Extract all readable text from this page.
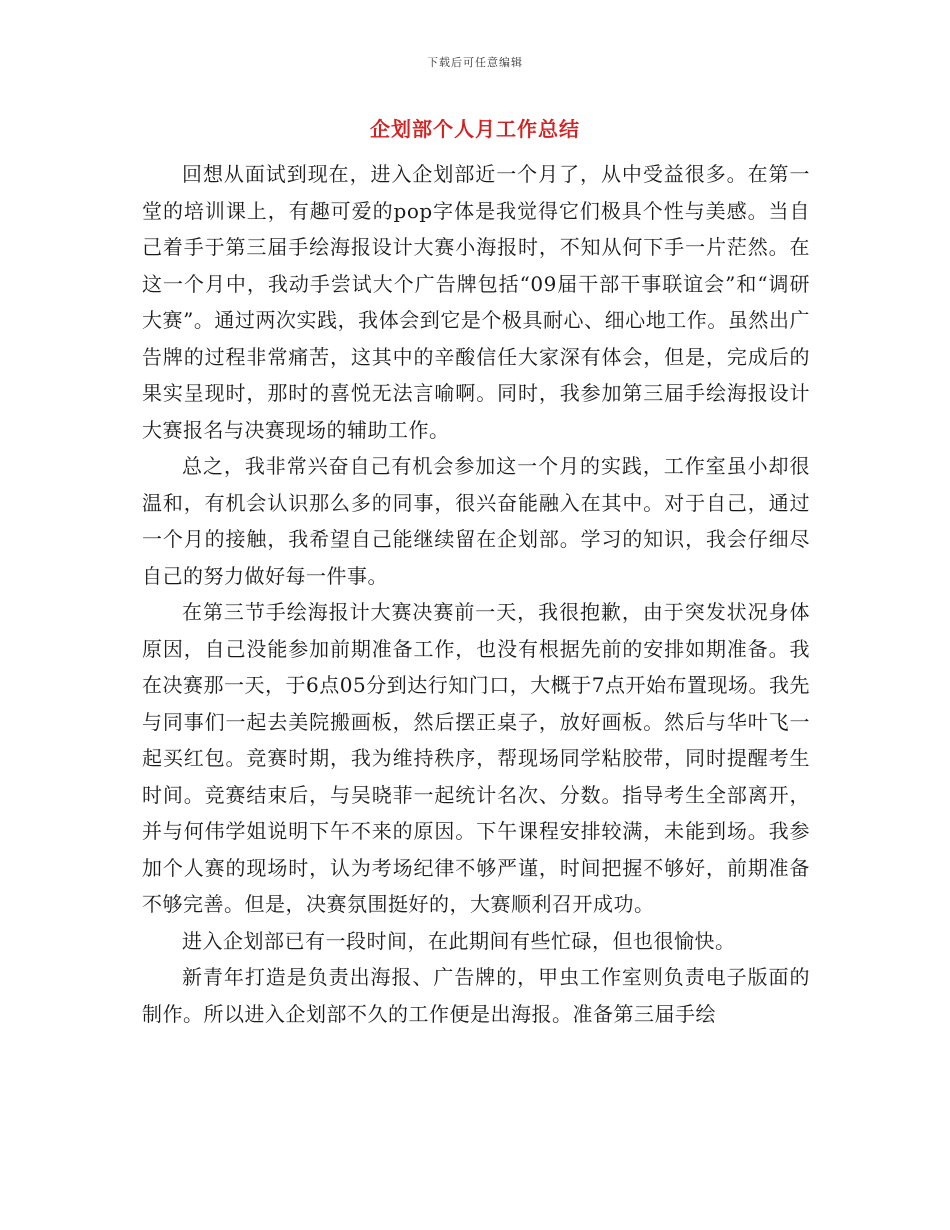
下载后可任意编辑
企划部个人月工作总结

回想从面试到现在，进入企划部近一个月了，从中受益很多。在第一堂的培训课上，有趣可爱的pop字体是我觉得它们极具个性与美感。当自己着手于第三届手绘海报设计大赛小海报时，不知从何下手一片茫然。在这一个月中，我动手尝试大个广告牌包括“09届干部干事联谊会”和“调研大赛”。通过两次实践，我体会到它是个极具耐心、细心地工作。虽然出广告牌的过程非常痛苦，这其中的辛酸信任大家深有体会，但是，完成后的果实呈现时，那时的喜悦无法言喻啊。同时，我参加第三届手绘海报设计大赛报名与决赛现场的辅助工作。

总之，我非常兴奋自己有机会参加这一个月的实践，工作室虽小却很温和，有机会认识那么多的同事，很兴奋能融入在其中。对于自己，通过一个月的接触，我希望自己能继续留在企划部。学习的知识，我会仔细尽自己的努力做好每一件事。

在第三节手绘海报计大赛决赛前一天，我很抱歉，由于突发状况身体原因，自己没能参加前期准备工作，也没有根据先前的安排如期准备。我在决赛那一天，于6点05分到达行知门口，大概于7点开始布置现场。我先与同事们一起去美院搬画板，然后摆正桌子，放好画板。然后与华叶飞一起买红包。竞赛时期，我为维持秩序，帮现场同学粘胶带，同时提醒考生时间。竞赛结束后，与吴晓菲一起统计名次、分数。指导考生全部离开，并与何伟学姐说明下午不来的原因。下午课程安排较满，未能到场。我参加个人赛的现场时，认为考场纪律不够严谨，时间把握不够好，前期准备不够完善。但是，决赛氛围挺好的，大赛顺利召开成功。

进入企划部已有一段时间，在此期间有些忙碌，但也很愉快。

新青年打造是负责出海报、广告牌的，甲虫工作室则负责电子版面的制作。所以进入企划部不久的工作便是出海报。准备第三届手绘
